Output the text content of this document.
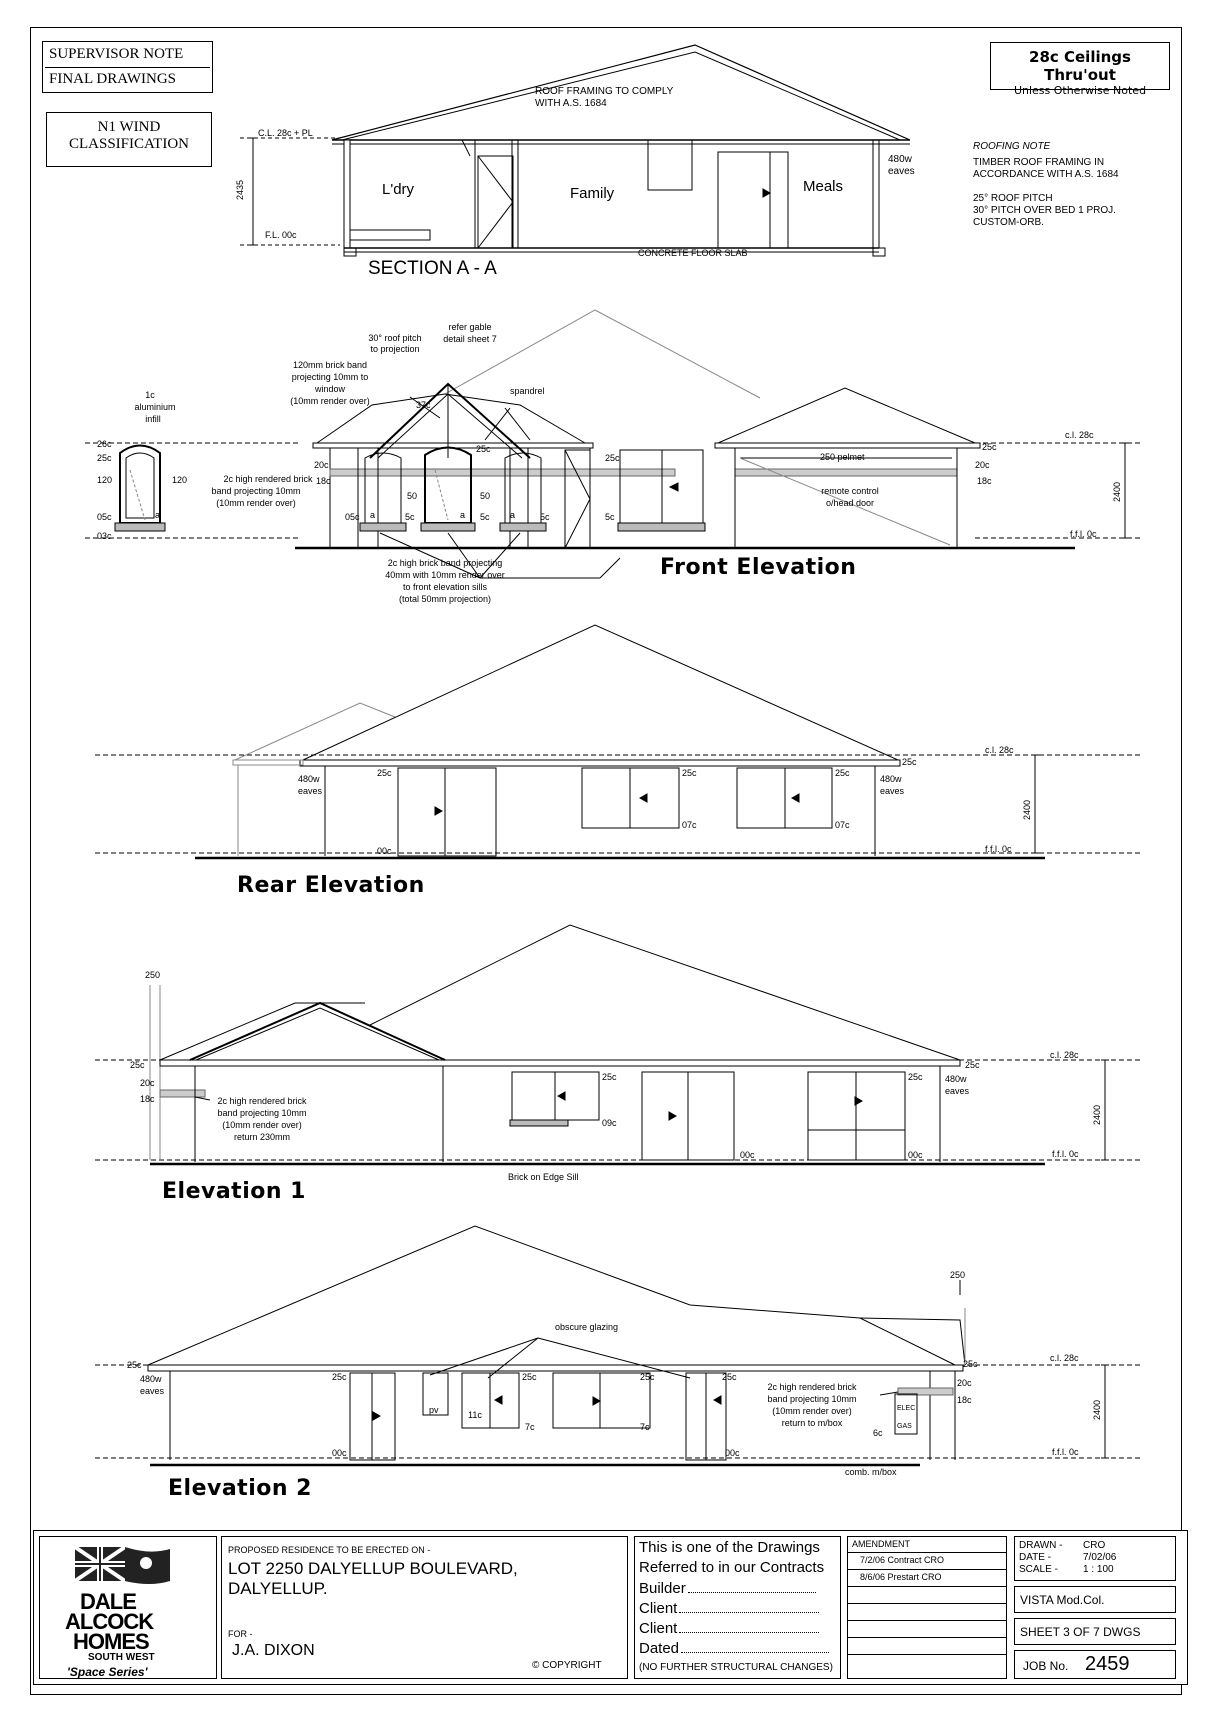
SUPERVISOR NOTE
FINAL DRAWINGS
N1 WIND
CLASSIFICATION
28c Ceilings Thru'out
Unless Otherwise Noted
ROOF FRAMING TO COMPLY
WITH A.S. 1684
C.L. 28c + PL
F.L. 00c
2435	L'dry	Family	Meals
480w
eaves
CONCRETE FLOOR SLAB
SECTION A - A
ROOFING NOTE
TIMBER ROOF FRAMING IN
ACCORDANCE WITH A.S. 1684
25° ROOF PITCH
30° PITCH OVER BED 1 PROJ.
CUSTOM-ORB.
1c
aluminium
infill
30° roof pitch
to projection
refer gable
detail sheet 7
120mm brick band
projecting 10mm to
window
(10mm render over)
spandrel
2c high rendered brick
band projecting 10mm
(10mm render over)
2c high brick band projecting
40mm with 10mm render over
to front elevation sills
(total 50mm projection)
250 pelmet
remote control
o/head door
26c
25c
120
05c
03c
120
37c
25c
20c
18c
50	50
5c	5c
05c	5c
25c
5c
a	a	a	a
c.l. 28c
f.f.l. 0c
2400
25c
20c
18c
Front Elevation
25c
480w
eaves
00c
25c
07c
25c
07c
25c
480w
eaves
c.l. 28c
f.f.l. 0c
2400
Rear Elevation
250
2c high rendered brick
band projecting 10mm
(10mm render over)
return 230mm
Brick on Edge Sill
25c
20c
18c
25c
09c
00c
25c
00c
25c
480w
eaves
c.l. 28c
f.f.l. 0c
2400
Elevation 1
250
obscure glazing
2c high rendered brick
band projecting 10mm
(10mm render over)
return to m/box
comb. m/box
ELEC
GAS
25c
480w
eaves
25c
00c
pv	11c
25c
7c
25c
7c
25c
00c
25c
20c
18c
6c
c.l. 28c
f.f.l. 0c
2400
Elevation 2
DALE
ALCOCK
HOMES
SOUTH WEST
'Space Series'
PROPOSED RESIDENCE TO BE ERECTED ON -
LOT 2250 DALYELLUP BOULEVARD,
DALYELLUP.
FOR -
J.A. DIXON
© COPYRIGHT
This is one of the Drawings
Referred to in our Contracts
Builder
Client
Client
Dated
(NO FURTHER STRUCTURAL CHANGES)
AMENDMENT
7/2/06 Contract CRO
8/6/06 Prestart CRO
DRAWN - CRO
DATE -	7/02/06
SCALE -	1 : 100
VISTA Mod.Col.
SHEET 3 OF 7 DWGS
JOB No. 2459
